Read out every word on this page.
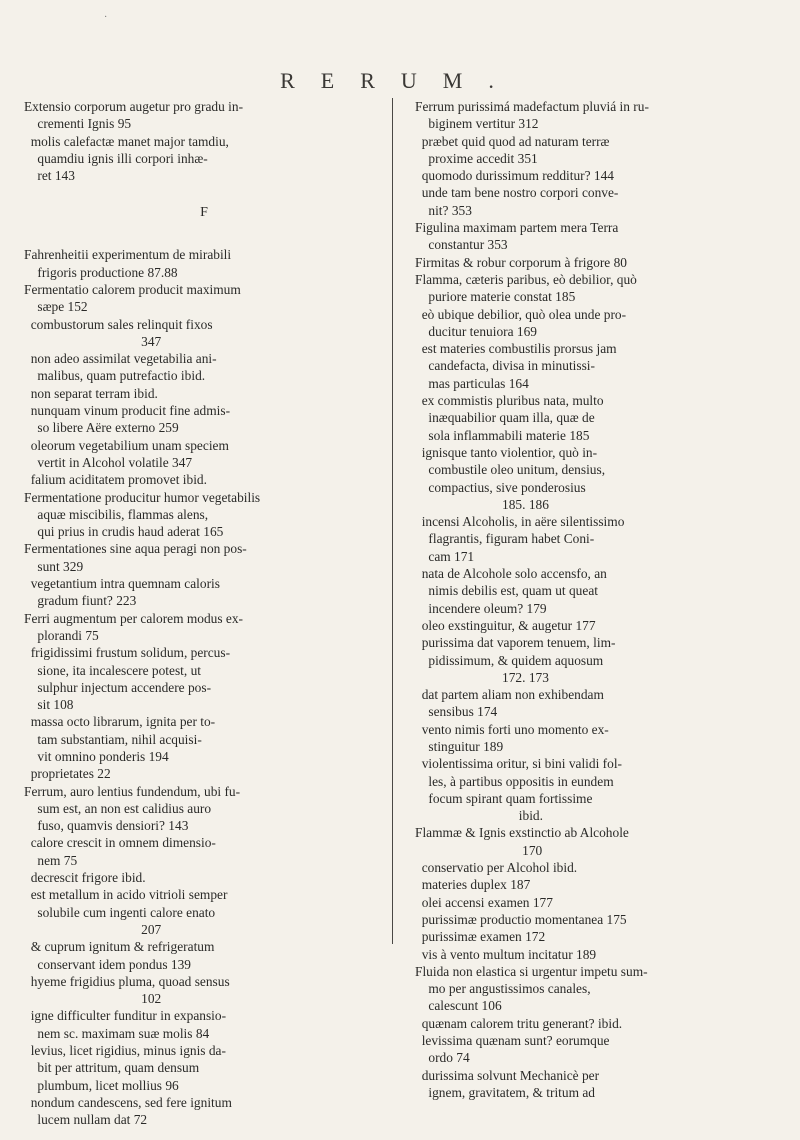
·
RERUM.

Extensio corporum augetur pro gradu in-

crementi Ignis 95

molis calefactæ manet major tamdiu,

quamdiu ignis illi corpori inhæ-

ret 143

F

Fahrenheitii experimentum de mirabili

frigoris productione 87.88

Fermentatio calorem producit maximum

sæpe 152

combustorum sales relinquit fixos

347

non adeo assimilat vegetabilia ani-

malibus, quam putrefactio ibid.

non separat terram ibid.

nunquam vinum producit fine admis-

so libere Aëre externo 259

oleorum vegetabilium unam speciem

vertit in Alcohol volatile 347

falium aciditatem promovet ibid.

Fermentatione producitur humor vegetabilis

aquæ miscibilis, flammas alens,

qui prius in crudis haud aderat 165

Fermentationes sine aqua peragi non pos-

sunt 329

vegetantium intra quemnam caloris

gradum fiunt? 223

Ferri augmentum per calorem modus ex-

plorandi 75

frigidissimi frustum solidum, percus-

sione, ita incalescere potest, ut

sulphur injectum accendere pos-

sit 108

massa octo librarum, ignita per to-

tam substantiam, nihil acquisi-

vit omnino ponderis 194

proprietates 22

Ferrum, auro lentius fundendum, ubi fu-

sum est, an non est calidius auro

fuso, quamvis densiori? 143

calore crescit in omnem dimensio-

nem 75

decrescit frigore ibid.

est metallum in acido vitrioli semper

solubile cum ingenti calore enato

207

& cuprum ignitum & refrigeratum

conservant idem pondus 139

hyeme frigidius pluma, quoad sensus

102

igne difficulter funditur in expansio-

nem sc. maximam suæ molis 84

levius, licet rigidius, minus ignis da-

bit per attritum, quam densum

plumbum, licet mollius 96

nondum candescens, sed fere ignitum

lucem nullam dat 72

Ferrum purissimá madefactum pluviá in ru-

biginem vertitur 312

præbet quid quod ad naturam terræ

proxime accedit 351

quomodo durissimum redditur? 144

unde tam bene nostro corpori conve-

nit? 353

Figulina maximam partem mera Terra

constantur 353

Firmitas & robur corporum à frigore 80

Flamma, cæteris paribus, eò debilior, quò

puriore materie constat 185

eò ubique debilior, quò olea unde pro-

ducitur tenuiora 169

est materies combustilis prorsus jam

candefacta, divisa in minutissi-

mas particulas 164

ex commistis pluribus nata, multo

inæquabilior quam illa, quæ de

sola inflammabili materie 185

ignisque tanto violentior, quò in-

combustile oleo unitum, densius,

compactius, sive ponderosius

185. 186

incensi Alcoholis, in aëre silentissimo

flagrantis, figuram habet Coni-

cam 171

nata de Alcohole solo accensfo, an

nimis debilis est, quam ut queat

incendere oleum? 179

oleo exstinguitur, & augetur 177

purissima dat vaporem tenuem, lim-

pidissimum, & quidem aquosum

172. 173

dat partem aliam non exhibendam

sensibus 174

vento nimis forti uno momento ex-

stinguitur 189

violentissima oritur, si bini validi fol-

les, à partibus oppositis in eundem

focum spirant quam fortissime

ibid.

Flammæ & Ignis exstinctio ab Alcohole

170

conservatio per Alcohol ibid.

materies duplex 187

olei accensi examen 177

purissimæ productio momentanea 175

purissimæ examen 172

vis à vento multum incitatur 189

Fluida non elastica si urgentur impetu sum-

mo per angustissimos canales,

calescunt 106

quænam calorem tritu generant? ibid.

levissima quænam sunt? eorumque

ordo 74

durissima solvunt Mechanicè per

ignem, gravitatem, & tritum ad
